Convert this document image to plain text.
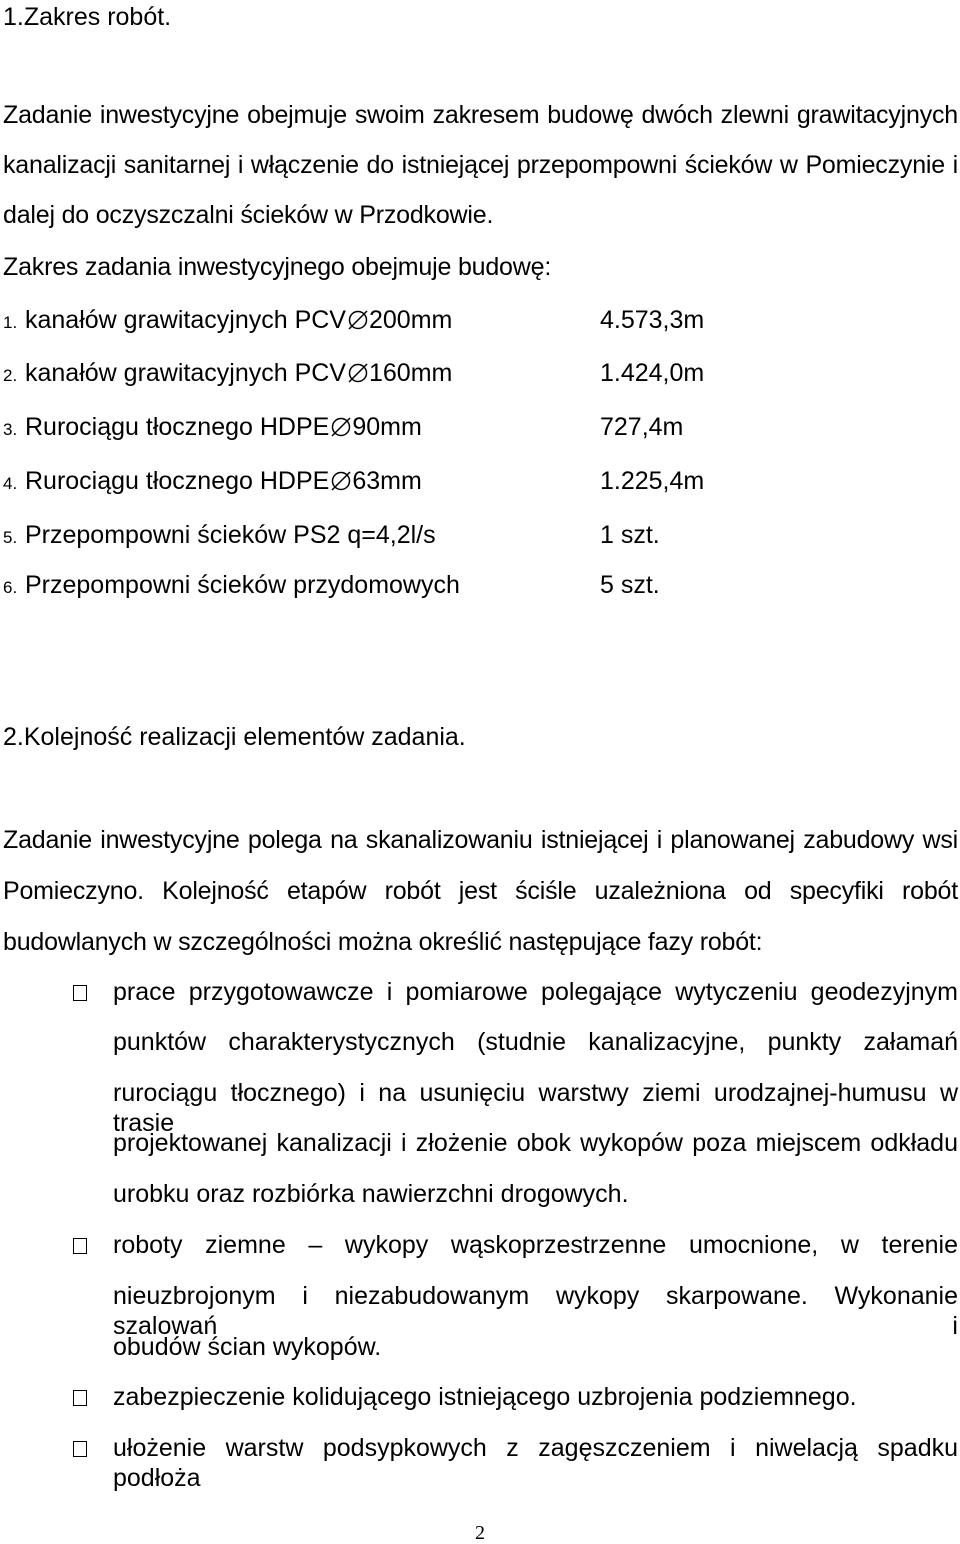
1.Zakres robót.
Zadanie inwestycyjne obejmuje swoim zakresem budowę dwóch zlewni grawitacyjnych
kanalizacji sanitarnej i włączenie do istniejącej przepompowni ścieków w Pomieczynie i
dalej do oczyszczalni ścieków w Przodkowie.
Zakres zadania inwestycyjnego obejmuje budowę:
1. kanałów grawitacyjnych PCV 200mm	4.573,3m
2. kanałów grawitacyjnych PCV 160mm	1.424,0m
3. Rurociągu tłocznego HDPE 90mm	727,4m
4. Rurociągu tłocznego HDPE 63mm	1.225,4m
5. Przepompowni ścieków PS2 q=4,2l/s	1 szt.
6. Przepompowni ścieków przydomowych	5 szt.
2.Kolejność realizacji elementów zadania.
Zadanie inwestycyjne polega na skanalizowaniu istniejącej i planowanej zabudowy wsi
Pomieczyno. Kolejność etapów robót jest ściśle uzależniona od specyfiki robót
budowlanych w szczególności można określić następujące fazy robót:
prace przygotowawcze i pomiarowe polegające wytyczeniu geodezyjnym
punktów charakterystycznych (studnie kanalizacyjne, punkty załamań
rurociągu tłocznego) i na usunięciu warstwy ziemi urodzajnej-humusu w trasie
projektowanej kanalizacji i złożenie obok wykopów poza miejscem odkładu
urobku oraz rozbiórka nawierzchni drogowych.
roboty ziemne – wykopy wąskoprzestrzenne umocnione, w terenie
nieuzbrojonym i niezabudowanym wykopy skarpowane. Wykonanie szalowań i
obudów ścian wykopów.
zabezpieczenie kolidującego istniejącego uzbrojenia podziemnego.
ułożenie warstw podsypkowych z zagęszczeniem i niwelacją spadku podłoża
2
